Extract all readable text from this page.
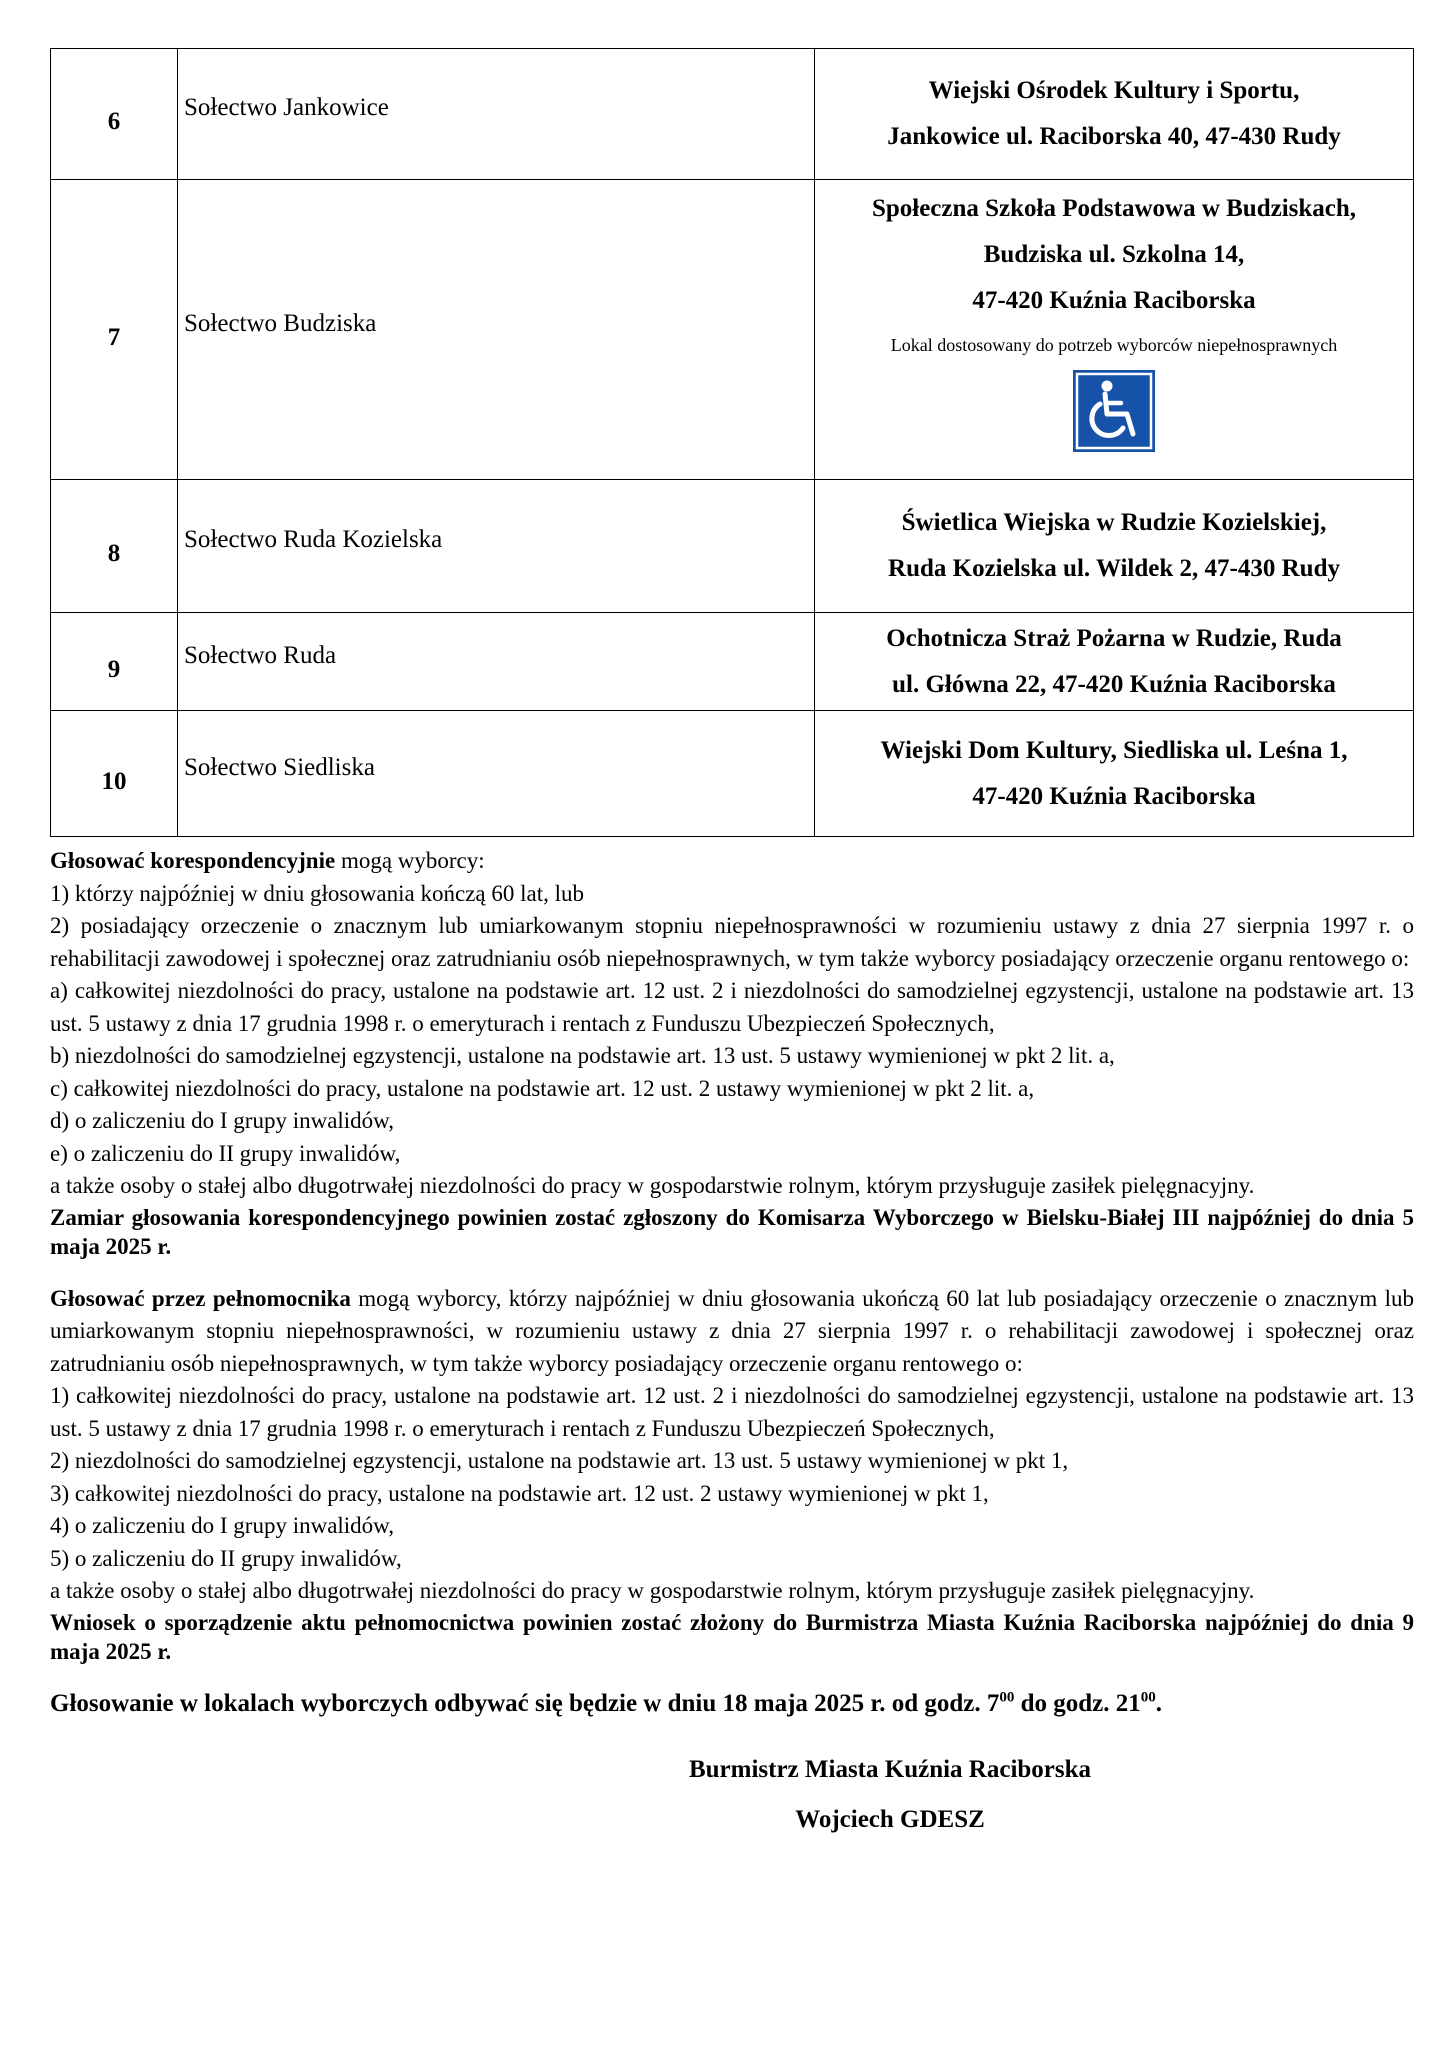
6	Sołectwo Jankowice	Wiejski Ośrodek Kultury i Sportu,
Jankowice ul. Raciborska 40, 47-430 Rudy

7	Sołectwo Budziska	Społeczna Szkoła Podstawowa w Budziskach,
Budziska ul. Szkolna 14,
47-420 Kuźnia Raciborska
Lokal dostosowany do potrzeb wyborców niepełnosprawnych

8	Sołectwo Ruda Kozielska	Świetlica Wiejska w Rudzie Kozielskiej,
Ruda Kozielska ul. Wildek 2, 47-430 Rudy

9	Sołectwo Ruda	Ochotnicza Straż Pożarna w Rudzie, Ruda
ul. Główna 22, 47-420 Kuźnia Raciborska

10	Sołectwo Siedliska	Wiejski Dom Kultury, Siedliska ul. Leśna 1,
47-420 Kuźnia Raciborska

Głosować korespondencyjnie mogą wyborcy:

1) którzy najpóźniej w dniu głosowania kończą 60 lat, lub

2) posiadający orzeczenie o znacznym lub umiarkowanym stopniu niepełnosprawności w rozumieniu ustawy z dnia 27 sierpnia 1997 r. o rehabilitacji zawodowej i społecznej oraz zatrudnianiu osób niepełnosprawnych, w tym także wyborcy posiadający orzeczenie organu rentowego o:

a) całkowitej niezdolności do pracy, ustalone na podstawie art. 12 ust. 2 i niezdolności do samodzielnej egzystencji, ustalone na podstawie art. 13 ust. 5 ustawy z dnia 17 grudnia 1998 r. o emeryturach i rentach z Funduszu Ubezpieczeń Społecznych,

b) niezdolności do samodzielnej egzystencji, ustalone na podstawie art. 13 ust. 5 ustawy wymienionej w pkt 2 lit. a,

c) całkowitej niezdolności do pracy, ustalone na podstawie art. 12 ust. 2 ustawy wymienionej w pkt 2 lit. a,

d) o zaliczeniu do I grupy inwalidów,

e) o zaliczeniu do II grupy inwalidów,

a także osoby o stałej albo długotrwałej niezdolności do pracy w gospodarstwie rolnym, którym przysługuje zasiłek pielęgnacyjny.

Zamiar głosowania korespondencyjnego powinien zostać zgłoszony do Komisarza Wyborczego w Bielsku-Białej III najpóźniej do dnia 5 maja 2025 r.

Głosować przez pełnomocnika mogą wyborcy, którzy najpóźniej w dniu głosowania ukończą 60 lat lub posiadający orzeczenie o znacznym lub umiarkowanym stopniu niepełnosprawności, w rozumieniu ustawy z dnia 27 sierpnia 1997 r. o rehabilitacji zawodowej i społecznej oraz zatrudnianiu osób niepełnosprawnych, w tym także wyborcy posiadający orzeczenie organu rentowego o:

1) całkowitej niezdolności do pracy, ustalone na podstawie art. 12 ust. 2 i niezdolności do samodzielnej egzystencji, ustalone na podstawie art. 13 ust. 5 ustawy z dnia 17 grudnia 1998 r. o emeryturach i rentach z Funduszu Ubezpieczeń Społecznych,

2) niezdolności do samodzielnej egzystencji, ustalone na podstawie art. 13 ust. 5 ustawy wymienionej w pkt 1,

3) całkowitej niezdolności do pracy, ustalone na podstawie art. 12 ust. 2 ustawy wymienionej w pkt 1,

4) o zaliczeniu do I grupy inwalidów,

5) o zaliczeniu do II grupy inwalidów,

a także osoby o stałej albo długotrwałej niezdolności do pracy w gospodarstwie rolnym, którym przysługuje zasiłek pielęgnacyjny.

Wniosek o sporządzenie aktu pełnomocnictwa powinien zostać złożony do Burmistrza Miasta Kuźnia Raciborska najpóźniej do dnia 9 maja 2025 r.

Głosowanie w lokalach wyborczych odbywać się będzie w dniu 18 maja 2025 r. od godz. $7^{00}$ do godz. $21^{00}$.

Burmistrz Miasta Kuźnia Raciborska
Wojciech GDESZ
